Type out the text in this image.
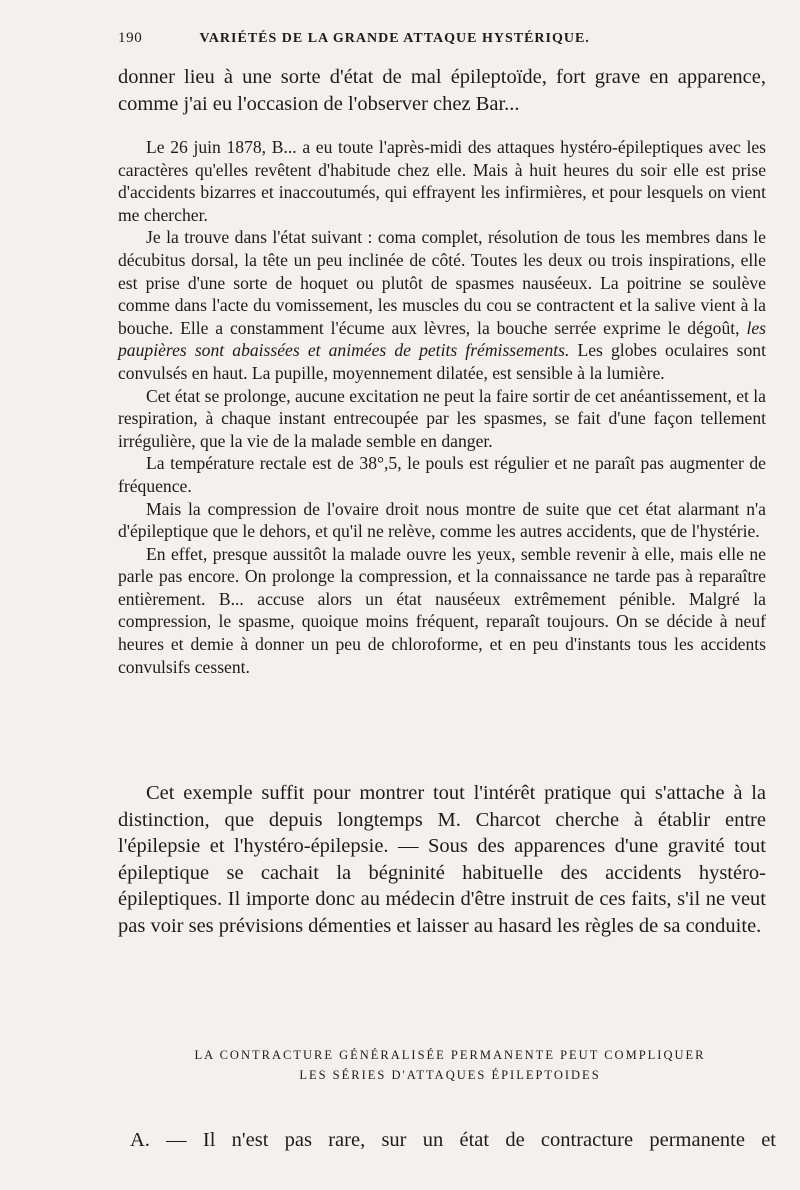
190	VARIÉTÉS DE LA GRANDE ATTAQUE HYSTÉRIQUE.

donner lieu à une sorte d'état de mal épileptoïde, fort grave en apparence, comme j'ai eu l'occasion de l'observer chez Bar...

Le 26 juin 1878, B... a eu toute l'après-midi des attaques hystéro-épileptiques avec les caractères qu'elles revêtent d'habitude chez elle. Mais à huit heures du soir elle est prise d'accidents bizarres et inaccoutumés, qui effrayent les infirmières, et pour lesquels on vient me chercher.

Je la trouve dans l'état suivant : coma complet, résolution de tous les membres dans le décubitus dorsal, la tête un peu inclinée de côté. Toutes les deux ou trois inspirations, elle est prise d'une sorte de hoquet ou plutôt de spasmes nauséeux. La poitrine se soulève comme dans l'acte du vomissement, les muscles du cou se contractent et la salive vient à la bouche. Elle a constamment l'écume aux lèvres, la bouche serrée exprime le dégoût, les paupières sont abaissées et animées de petits frémissements. Les globes oculaires sont convulsés en haut. La pupille, moyennement dilatée, est sensible à la lumière.

Cet état se prolonge, aucune excitation ne peut la faire sortir de cet anéantissement, et la respiration, à chaque instant entrecoupée par les spasmes, se fait d'une façon tellement irrégulière, que la vie de la malade semble en danger.

La température rectale est de 38°,5, le pouls est régulier et ne paraît pas augmenter de fréquence.

Mais la compression de l'ovaire droit nous montre de suite que cet état alarmant n'a d'épileptique que le dehors, et qu'il ne relève, comme les autres accidents, que de l'hystérie.

En effet, presque aussitôt la malade ouvre les yeux, semble revenir à elle, mais elle ne parle pas encore. On prolonge la compression, et la connaissance ne tarde pas à reparaître entièrement. B... accuse alors un état nauséeux extrêmement pénible. Malgré la compression, le spasme, quoique moins fréquent, reparaît toujours. On se décide à neuf heures et demie à donner un peu de chloroforme, et en peu d'instants tous les accidents convulsifs cessent.

Cet exemple suffit pour montrer tout l'intérêt pratique qui s'attache à la distinction, que depuis longtemps M. Charcot cherche à établir entre l'épilepsie et l'hystéro-épilepsie. — Sous des apparences d'une gravité tout épileptique se cachait la bégninité habituelle des accidents hystéro-épileptiques. Il importe donc au médecin d'être instruit de ces faits, s'il ne veut pas voir ses prévisions démenties et laisser au hasard les règles de sa conduite.

LA CONTRACTURE GÉNÉRALISÉE PERMANENTE PEUT COMPLIQUER
LES SÉRIES D'ATTAQUES ÉPILEPTOIDES
A. — Il n'est pas rare, sur un état de contracture permanente et
